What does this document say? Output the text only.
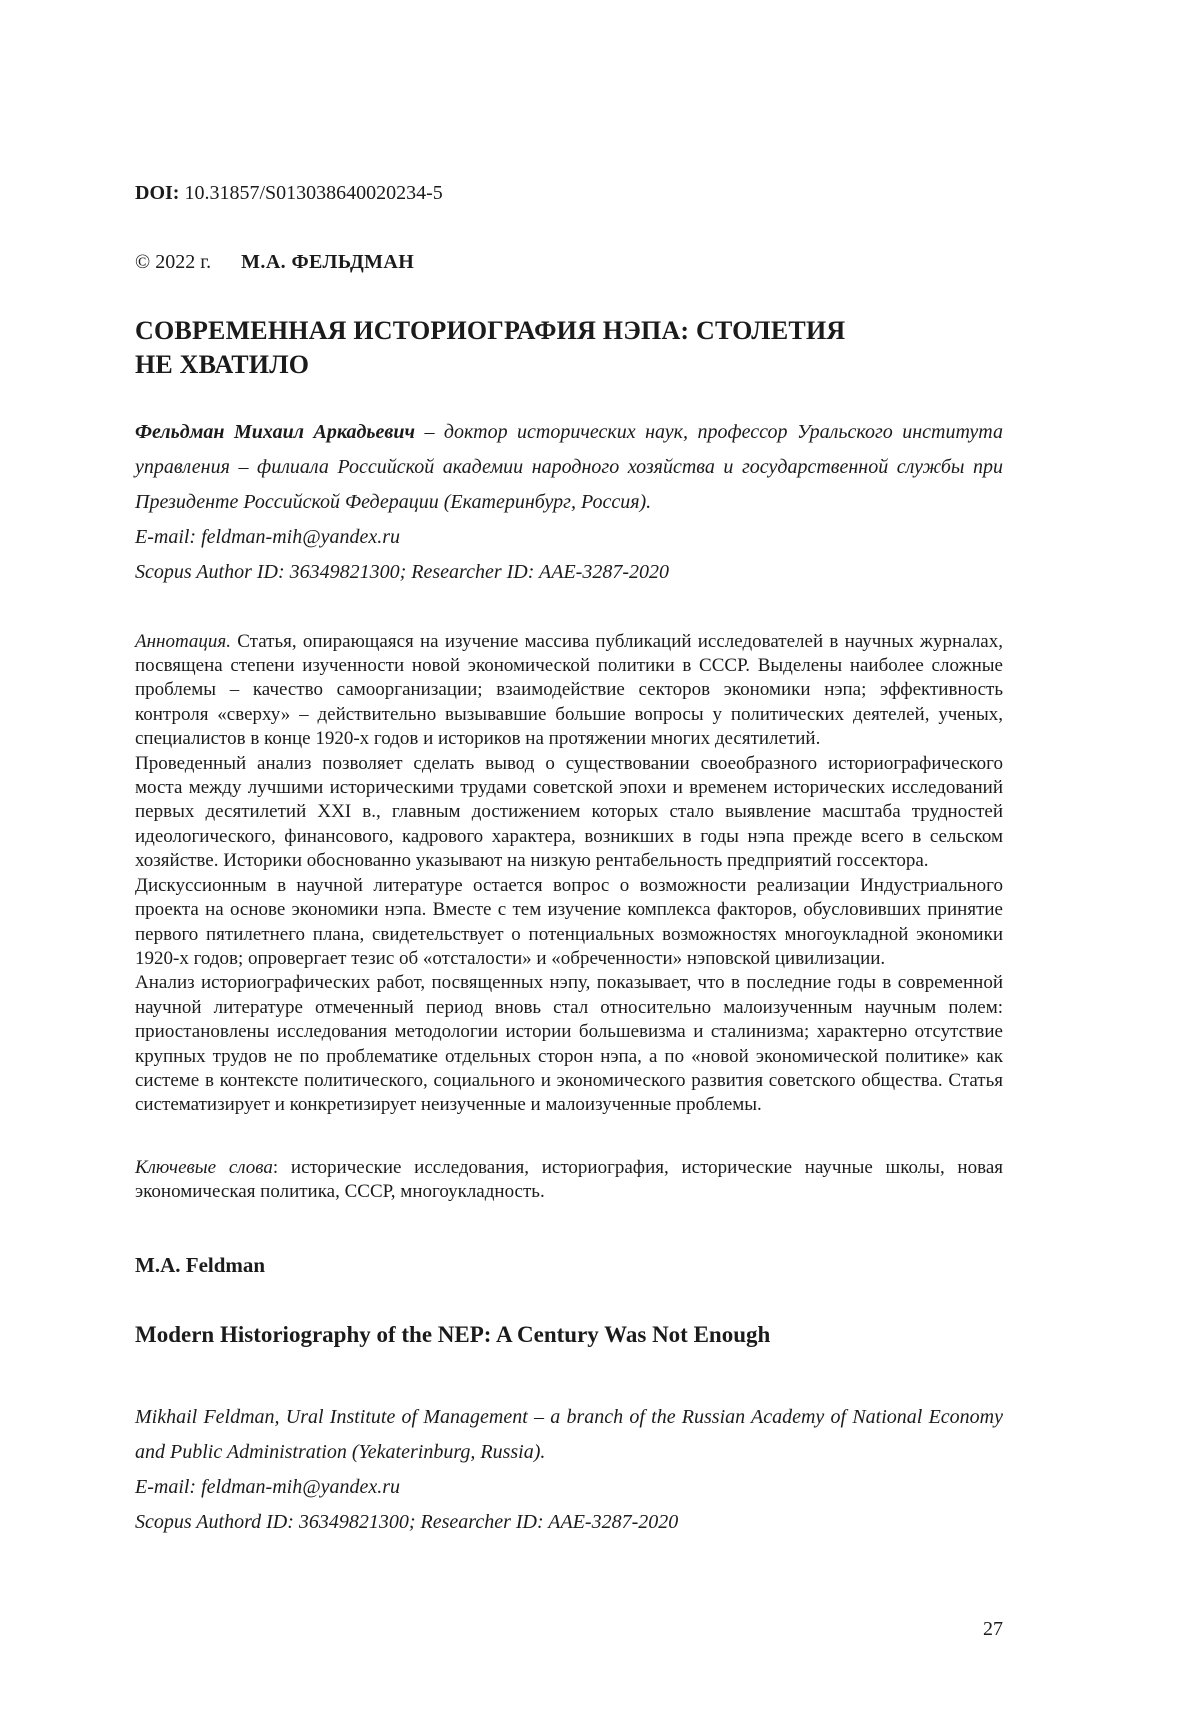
DOI: 10.31857/S013038640020234-5

© 2022 г. М.А. ФЕЛЬДМАН

СОВРЕМЕННАЯ ИСТОРИОГРАФИЯ НЭПА: СТОЛЕТИЯ
НЕ ХВАТИЛО

Фельдман Михаил Аркадьевич – доктор исторических наук, профессор Уральского института управления – филиала Российской академии народного хозяйства и государственной службы при Президенте Российской Федерации (Екатеринбург, Россия).

E-mail: feldman-mih@yandex.ru

Scopus Author ID: 36349821300; Researcher ID: AAE-3287-2020

Аннотация. Статья, опирающаяся на изучение массива публикаций исследователей в научных журналах, посвящена степени изученности новой экономической политики в СССР. Выделены наиболее сложные проблемы – качество самоорганизации; взаимодействие секторов экономики нэпа; эффективность контроля «сверху» – действительно вызывавшие большие вопросы у политических деятелей, ученых, специалистов в конце 1920-х годов и историков на протяжении многих десятилетий.

Проведенный анализ позволяет сделать вывод о существовании своеобразного историографического моста между лучшими историческими трудами советской эпохи и временем исторических исследований первых десятилетий XXI в., главным достижением которых стало выявление масштаба трудностей идеологического, финансового, кадрового характера, возникших в годы нэпа прежде всего в сельском хозяйстве. Историки обоснованно указывают на низкую рентабельность предприятий госсектора.

Дискуссионным в научной литературе остается вопрос о возможности реализации Индустриального проекта на основе экономики нэпа. Вместе с тем изучение комплекса факторов, обусловивших принятие первого пятилетнего плана, свидетельствует о потенциальных возможностях многоукладной экономики 1920-х годов; опровергает тезис об «отсталости» и «обреченности» нэповской цивилизации.

Анализ историографических работ, посвященных нэпу, показывает, что в последние годы в современной научной литературе отмеченный период вновь стал относительно малоизученным научным полем: приостановлены исследования методологии истории большевизма и сталинизма; характерно отсутствие крупных трудов не по проблематике отдельных сторон нэпа, а по «новой экономической политике» как системе в контексте политического, социального и экономического развития советского общества. Статья систематизирует и конкретизирует неизученные и малоизученные проблемы.

Ключевые слова: исторические исследования, историография, исторические научные школы, новая экономическая политика, СССР, многоукладность.

M.A. Feldman

Modern Historiography of the NEP: A Century Was Not Enough

Mikhail Feldman, Ural Institute of Management – a branch of the Russian Academy of National Economy and Public Administration (Yekaterinburg, Russia).

E-mail: feldman-mih@yandex.ru

Scopus Authord ID: 36349821300; Researcher ID: AAE-3287-2020

27
